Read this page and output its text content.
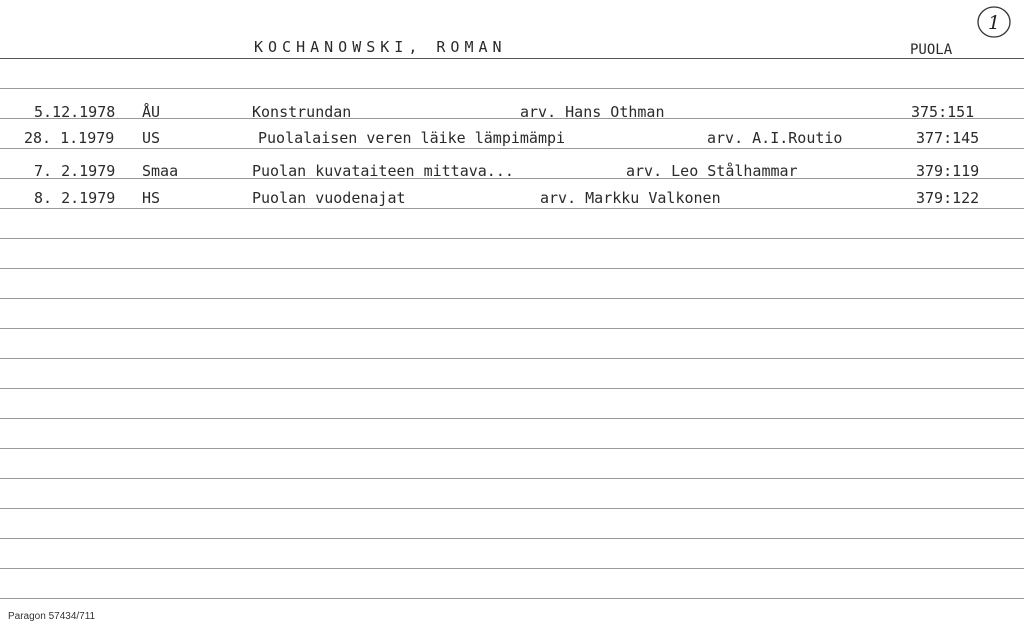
KOCHANOWSKI, ROMAN	PUOLA
1
5.12.1978 ÅU	Konstrundan	arv. Hans Othman	375:151
28. 1.1979 US	Puolalaisen veren läike lämpimämpi	arv. A.I.Routio	377:145
7. 2.1979 Smaa	Puolan kuvataiteen mittava...	arv. Leo Stålhammar	379:119
8. 2.1979 HS	Puolan vuodenajat	arv. Markku Valkonen	379:122
Paragon 57434/711
